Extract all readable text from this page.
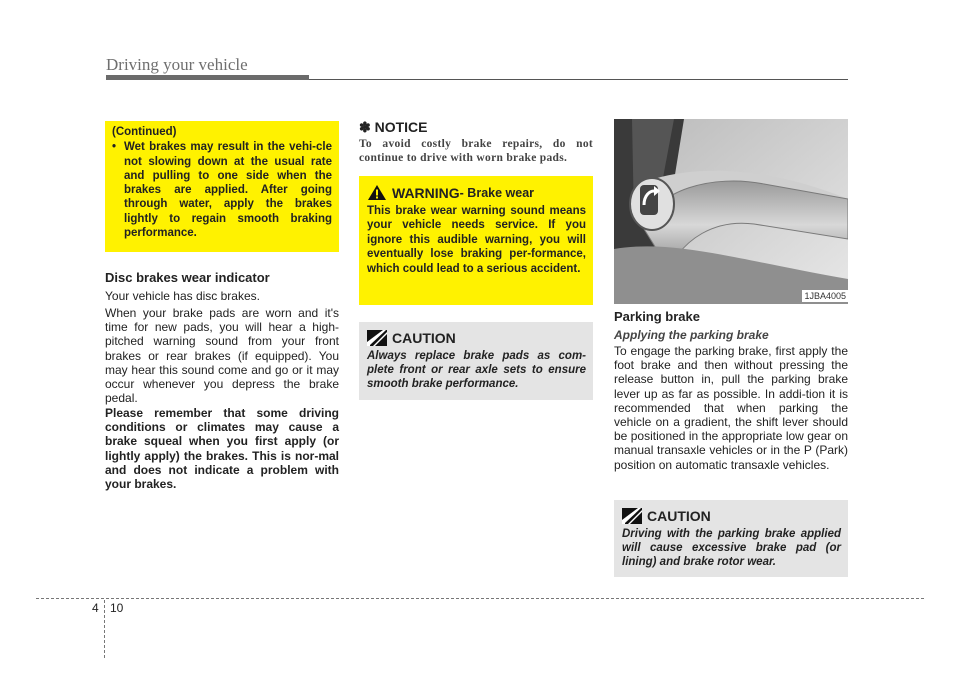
Driving your vehicle
(Continued)
• Wet brakes may result in the vehi-cle not slowing down at the usual rate and pulling to one side when the brakes are applied. After going through water, apply the brakes lightly to regain smooth braking performance.
Disc brakes wear indicator
Your vehicle has disc brakes.
When your brake pads are worn and it's time for new pads, you will hear a high-pitched warning sound from your front brakes or rear brakes (if equipped). You may hear this sound come and go or it may occur whenever you depress the brake pedal.
Please remember that some driving conditions or climates may cause a brake squeal when you first apply (or lightly apply) the brakes. This is nor-mal and does not indicate a problem with your brakes.
✽ NOTICE
To avoid costly brake repairs, do not continue to drive with worn brake pads.
WARNING - Brake wear
This brake wear warning sound means your vehicle needs service. If you ignore this audible warning, you will eventually lose braking per-formance, which could lead to a serious accident.
CAUTION
Always replace brake pads as com-plete front or rear axle sets to ensure smooth brake performance.
1JBA4005
Parking brake
Applying the parking brake
To engage the parking brake, first apply the foot brake and then without pressing the release button in, pull the parking brake lever up as far as possible. In addi-tion it is recommended that when parking the vehicle on a gradient, the shift lever should be positioned in the appropriate low gear on manual transaxle vehicles or in the P (Park) position on automatic transaxle vehicles.
CAUTION
Driving with the parking brake applied will cause excessive brake pad (or lining) and brake rotor wear.
4 10
